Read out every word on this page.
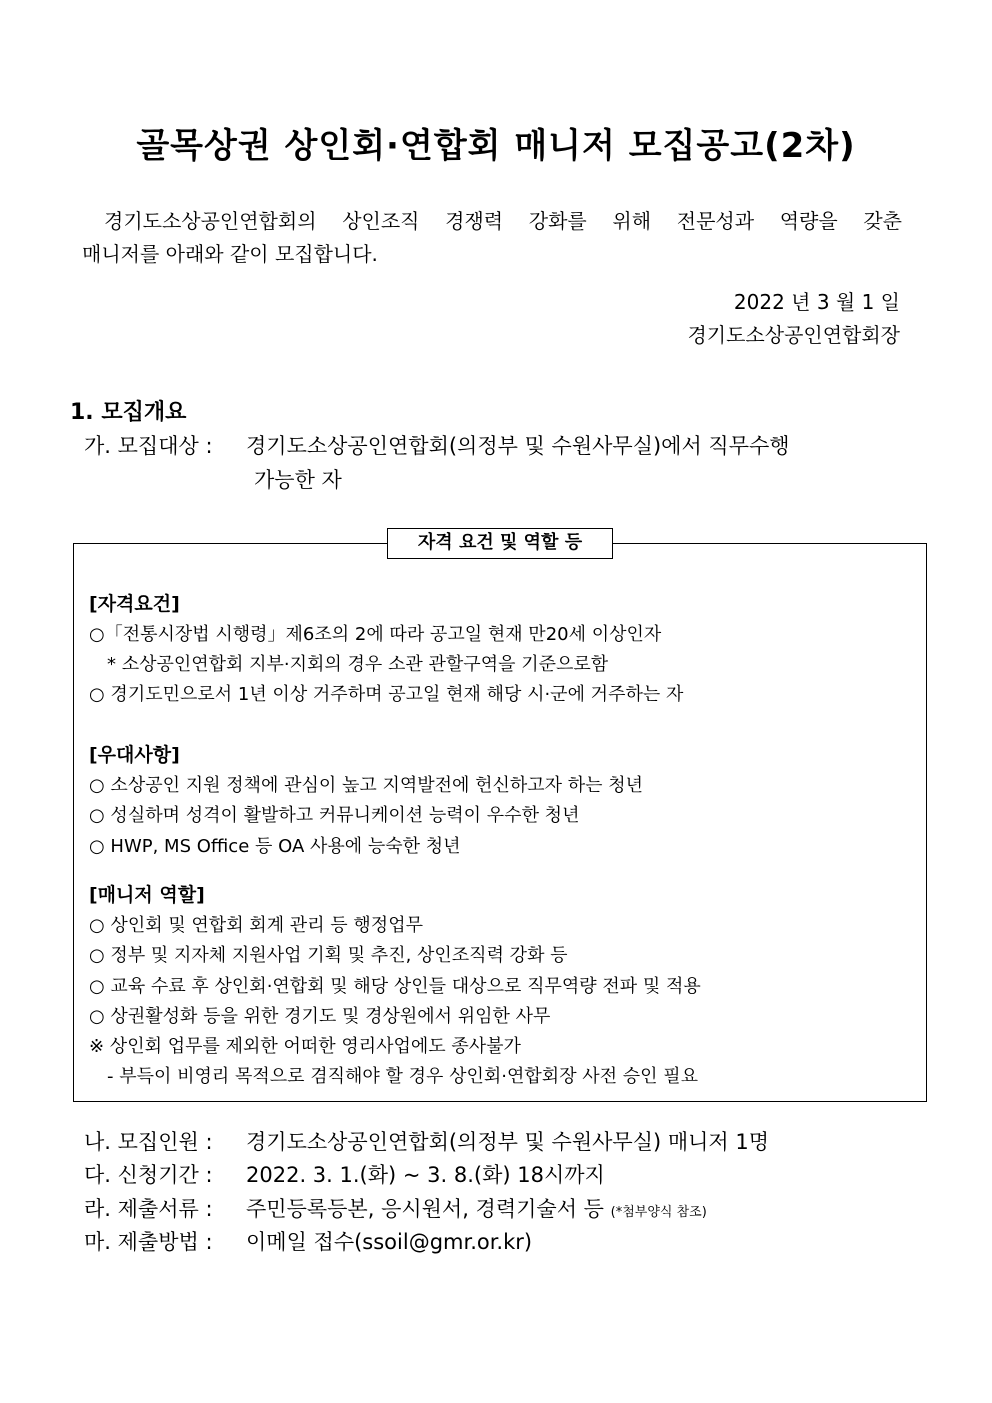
골목상권 상인회·연합회 매니저 모집공고(2차)
경기도소상공인연합회의 상인조직 경쟁력 강화를 위해 전문성과 역량을 갖춘
매니저를 아래와 같이 모집합니다.
2022 년 3 월 1 일
경기도소상공인연합회장
1. 모집개요
가. 모집대상 : 경기도소상공인연합회(의정부 및 수원사무실)에서 직무수행
가능한 자
자격 요건 및 역할 등
[자격요건]
○「전통시장법 시행령」제6조의 2에 따라 공고일 현재 만20세 이상인자
* 소상공인연합회 지부·지회의 경우 소관 관할구역을 기준으로함
○ 경기도민으로서 1년 이상 거주하며 공고일 현재 해당 시·군에 거주하는 자
[우대사항]
○ 소상공인 지원 정책에 관심이 높고 지역발전에 헌신하고자 하는 청년
○ 성실하며 성격이 활발하고 커뮤니케이션 능력이 우수한 청년
○ HWP, MS Office 등 OA 사용에 능숙한 청년
[매니저 역할]
○ 상인회 및 연합회 회계 관리 등 행정업무
○ 정부 및 지자체 지원사업 기획 및 추진, 상인조직력 강화 등
○ 교육 수료 후 상인회·연합회 및 해당 상인들 대상으로 직무역량 전파 및 적용
○ 상권활성화 등을 위한 경기도 및 경상원에서 위임한 사무
※ 상인회 업무를 제외한 어떠한 영리사업에도 종사불가
- 부득이 비영리 목적으로 겸직해야 할 경우 상인회·연합회장 사전 승인 필요
나. 모집인원 : 경기도소상공인연합회(의정부 및 수원사무실) 매니저 1명
다. 신청기간 : 2022. 3. 1.(화) ~ 3. 8.(화) 18시까지
라. 제출서류 : 주민등록등본, 응시원서, 경력기술서 등 (*첨부양식 참조)
마. 제출방법 : 이메일 접수(ssoil@gmr.or.kr)
